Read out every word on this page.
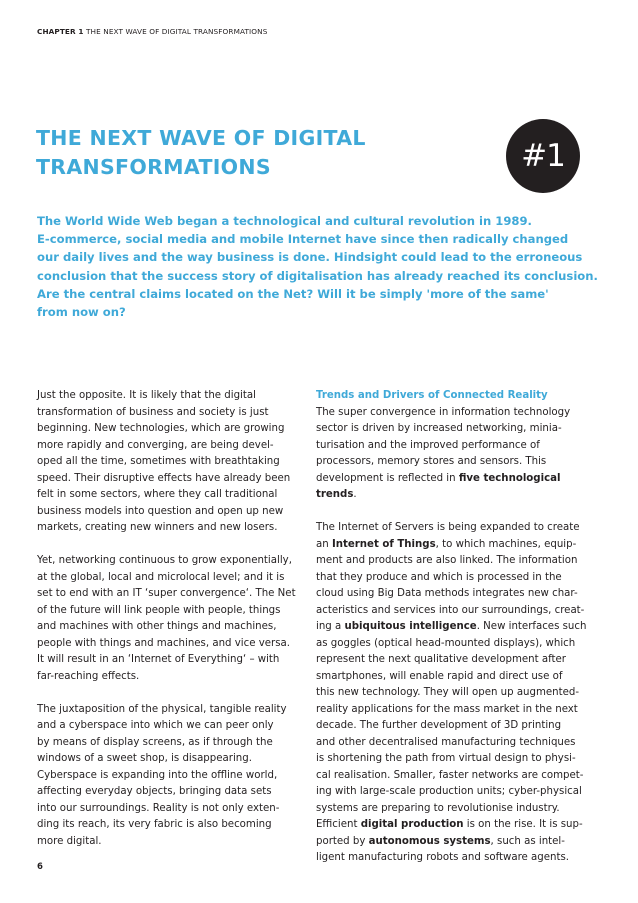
CHAPTER 1 THE NEXT WAVE OF DIGITAL TRANSFORMATIONS
THE NEXT WAVE OF DIGITAL
TRANSFORMATIONS	#1
The World Wide Web began a technological and cultural revolution in 1989.
E-commerce, social media and mobile Internet have since then radically changed
our daily lives and the way business is done. Hindsight could lead to the erroneous
conclusion that the success story of digitalisation has already reached its conclusion.
Are the central claims located on the Net? Will it be simply 'more of the same'
from now on?

Just the opposite. It is likely that the digital
transformation of business and society is just
beginning. New technologies, which are growing
more rapidly and converging, are being devel-
oped all the time, sometimes with breathtaking
speed. Their disruptive effects have already been
felt in some sectors, where they call traditional
business models into question and open up new
markets, creating new winners and new losers.

Yet, networking continuous to grow exponentially,
at the global, local and microlocal level; and it is
set to end with an IT ‘super convergence‘. The Net
of the future will link people with people, things
and machines with other things and machines,
people with things and machines, and vice versa.
It will result in an ‘Internet of Everything‘ – with
far-reaching effects.

The juxtaposition of the physical, tangible reality
and a cyberspace into which we can peer only
by means of display screens, as if through the
windows of a sweet shop, is disappearing.
Cyberspace is expanding into the offline world,
affecting everyday objects, bringing data sets
into our surroundings. Reality is not only exten-
ding its reach, its very fabric is also becoming
more digital.

Trends and Drivers of Connected Reality
The super convergence in information technology
sector is driven by increased networking, minia-
turisation and the improved performance of
processors, memory stores and sensors. This
development is reflected in five technological
trends.

The Internet of Servers is being expanded to create
an Internet of Things, to which machines, equip-
ment and products are also linked. The information
that they produce and which is processed in the
cloud using Big Data methods integrates new char-
acteristics and services into our surroundings, creat-
ing a ubiquitous intelligence. New interfaces such
as goggles (optical head-mounted displays), which
represent the next qualitative development after
smartphones, will enable rapid and direct use of
this new technology. They will open up augmented-
reality applications for the mass market in the next
decade. The further development of 3D printing
and other decentralised manufacturing techniques
is shortening the path from virtual design to physi-
cal realisation. Smaller, faster networks are compet-
ing with large-scale production units; cyber-physical
systems are preparing to revolutionise industry.
Efficient digital production is on the rise. It is sup-
ported by autonomous systems, such as intel-
ligent manufacturing robots and software agents.

6
